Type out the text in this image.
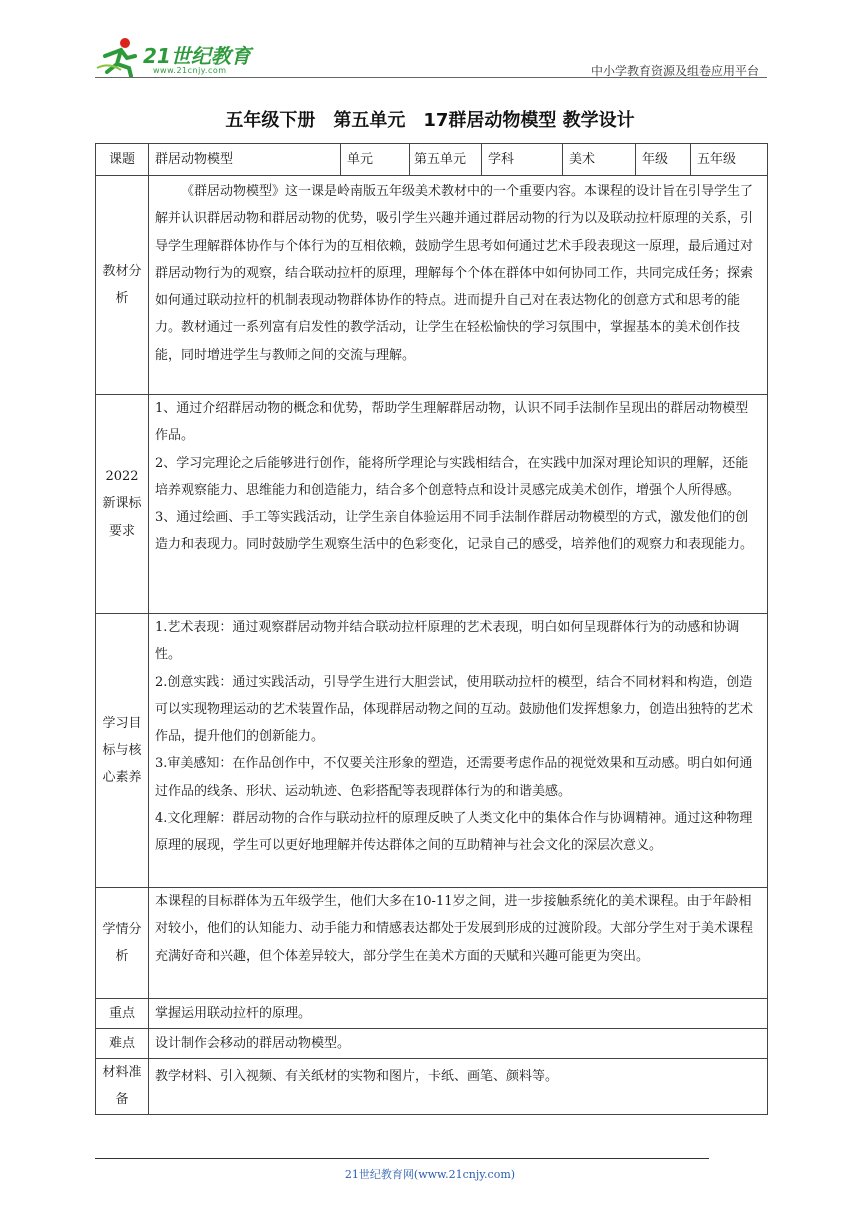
21世纪教育
www.21cnjy.com	中小学教育资源及组卷应用平台
五年级下册　第五单元　17群居动物模型 教学设计
课题	群居动物模型	单元	第五单元	学科	美术	年级	五年级
教材分析	《群居动物模型》这一课是岭南版五年级美术教材中的一个重要内容。本课程的设计旨在引导学生了解并认识群居动物和群居动物的优势，吸引学生兴趣并通过群居动物的行为以及联动拉杆原理的关系，引导学生理解群体协作与个体行为的互相依赖，鼓励学生思考如何通过艺术手段表现这一原理，最后通过对群居动物行为的观察，结合联动拉杆的原理，理解每个个体在群体中如何协同工作，共同完成任务；探索如何通过联动拉杆的机制表现动物群体协作的特点。进而提升自己对在表达物化的创意方式和思考的能力。教材通过一系列富有启发性的教学活动，让学生在轻松愉快的学习氛围中，掌握基本的美术创作技能，同时增进学生与教师之间的交流与理解。						

2022新课标要求	1、通过介绍群居动物的概念和优势，帮助学生理解群居动物，认识不同手法制作呈现出的群居动物模型作品。

2、学习完理论之后能够进行创作，能将所学理论与实践相结合，在实践中加深对理论知识的理解，还能培养观察能力、思维能力和创造能力，结合多个创意特点和设计灵感完成美术创作，增强个人所得感。

3、通过绘画、手工等实践活动，让学生亲自体验运用不同手法制作群居动物模型的方式，激发他们的创造力和表现力。同时鼓励学生观察生活中的色彩变化，记录自己的感受，培养他们的观察力和表现能力。						

学习目标与核心素养	1.艺术表现：通过观察群居动物并结合联动拉杆原理的艺术表现，明白如何呈现群体行为的动感和协调性。

2.创意实践：通过实践活动，引导学生进行大胆尝试，使用联动拉杆的模型，结合不同材料和构造，创造可以实现物理运动的艺术装置作品，体现群居动物之间的互动。鼓励他们发挥想象力，创造出独特的艺术作品，提升他们的创新能力。

3.审美感知：在作品创作中，不仅要关注形象的塑造，还需要考虑作品的视觉效果和互动感。明白如何通过作品的线条、形状、运动轨迹、色彩搭配等表现群体行为的和谐美感。

4.文化理解：群居动物的合作与联动拉杆的原理反映了人类文化中的集体合作与协调精神。通过这种物理原理的展现，学生可以更好地理解并传达群体之间的互助精神与社会文化的深层次意义。						

学情分析	本课程的目标群体为五年级学生，他们大多在10-11岁之间，进一步接触系统化的美术课程。由于年龄相对较小，他们的认知能力、动手能力和情感表达都处于发展到形成的过渡阶段。大部分学生对于美术课程充满好奇和兴趣，但个体差异较大，部分学生在美术方面的天赋和兴趣可能更为突出。						

重点	掌握运用联动拉杆的原理。						
难点	设计制作会移动的群居动物模型。						
材料准备	教学材料、引入视频、有关纸材的实物和图片，卡纸、画笔、颜料等。						
21世纪教育网(www.21cnjy.com)
